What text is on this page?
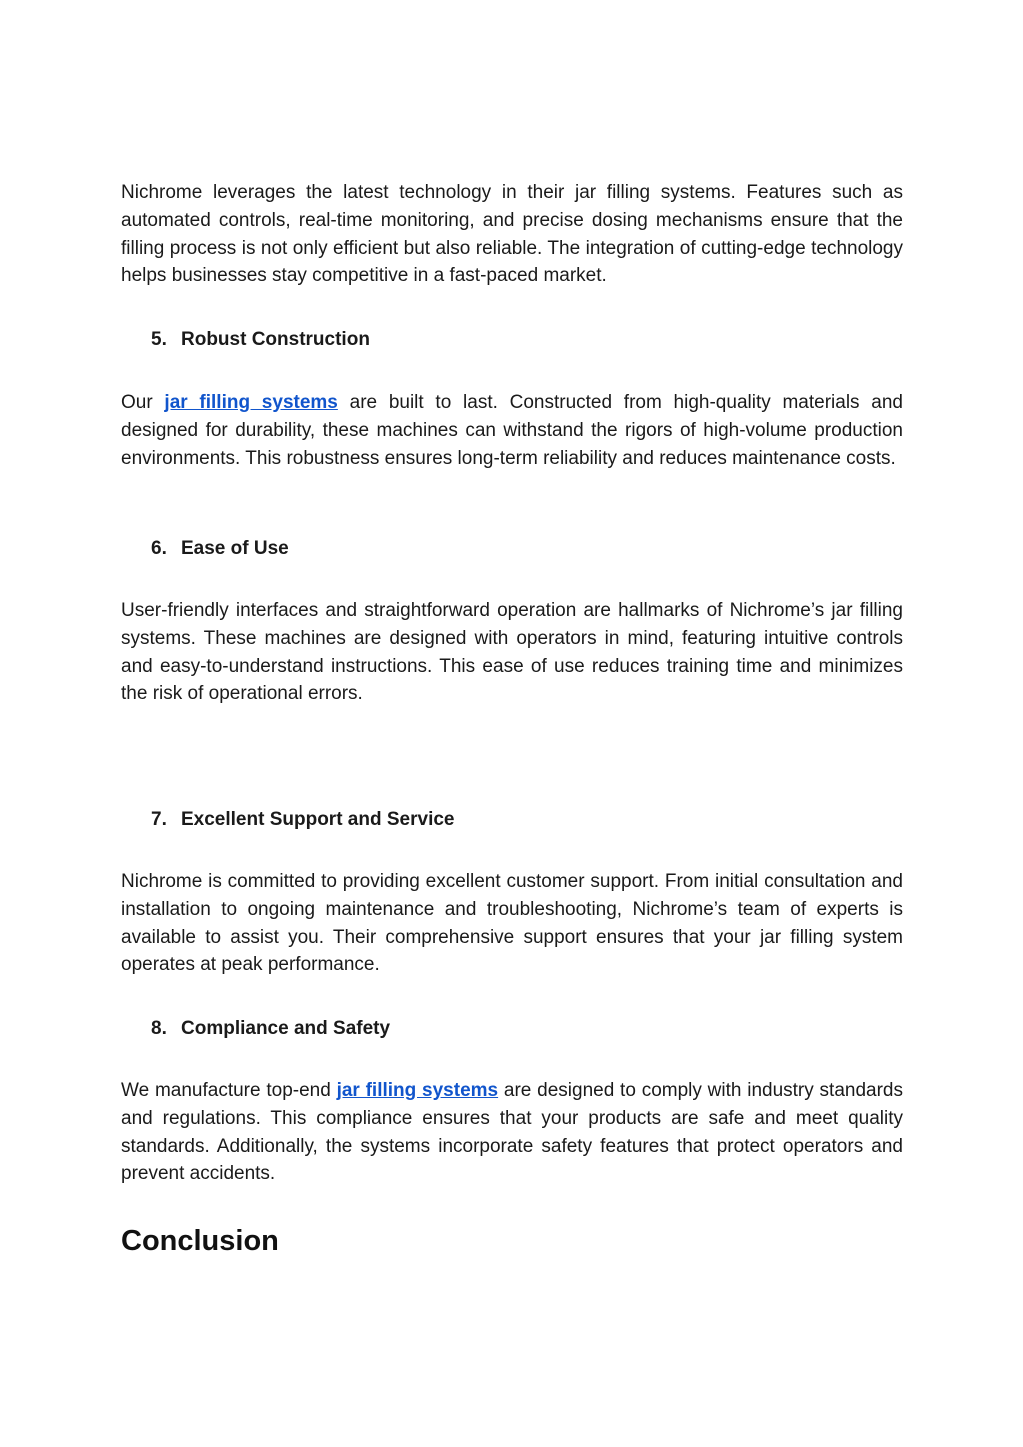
Nichrome leverages the latest technology in their jar filling systems. Features such as automated controls, real-time monitoring, and precise dosing mechanisms ensure that the filling process is not only efficient but also reliable. The integration of cutting-edge technology helps businesses stay competitive in a fast-paced market.

5. Robust Construction

Our jar filling systems are built to last. Constructed from high-quality materials and designed for durability, these machines can withstand the rigors of high-volume production environments. This robustness ensures long-term reliability and reduces maintenance costs.

6. Ease of Use

User-friendly interfaces and straightforward operation are hallmarks of Nichrome’s jar filling systems. These machines are designed with operators in mind, featuring intuitive controls and easy-to-understand instructions. This ease of use reduces training time and minimizes the risk of operational errors.

7. Excellent Support and Service

Nichrome is committed to providing excellent customer support. From initial consultation and installation to ongoing maintenance and troubleshooting, Nichrome’s team of experts is available to assist you. Their comprehensive support ensures that your jar filling system operates at peak performance.

8. Compliance and Safety

We manufacture top-end jar filling systems are designed to comply with industry standards and regulations. This compliance ensures that your products are safe and meet quality standards. Additionally, the systems incorporate safety features that protect operators and prevent accidents.

Conclusion
